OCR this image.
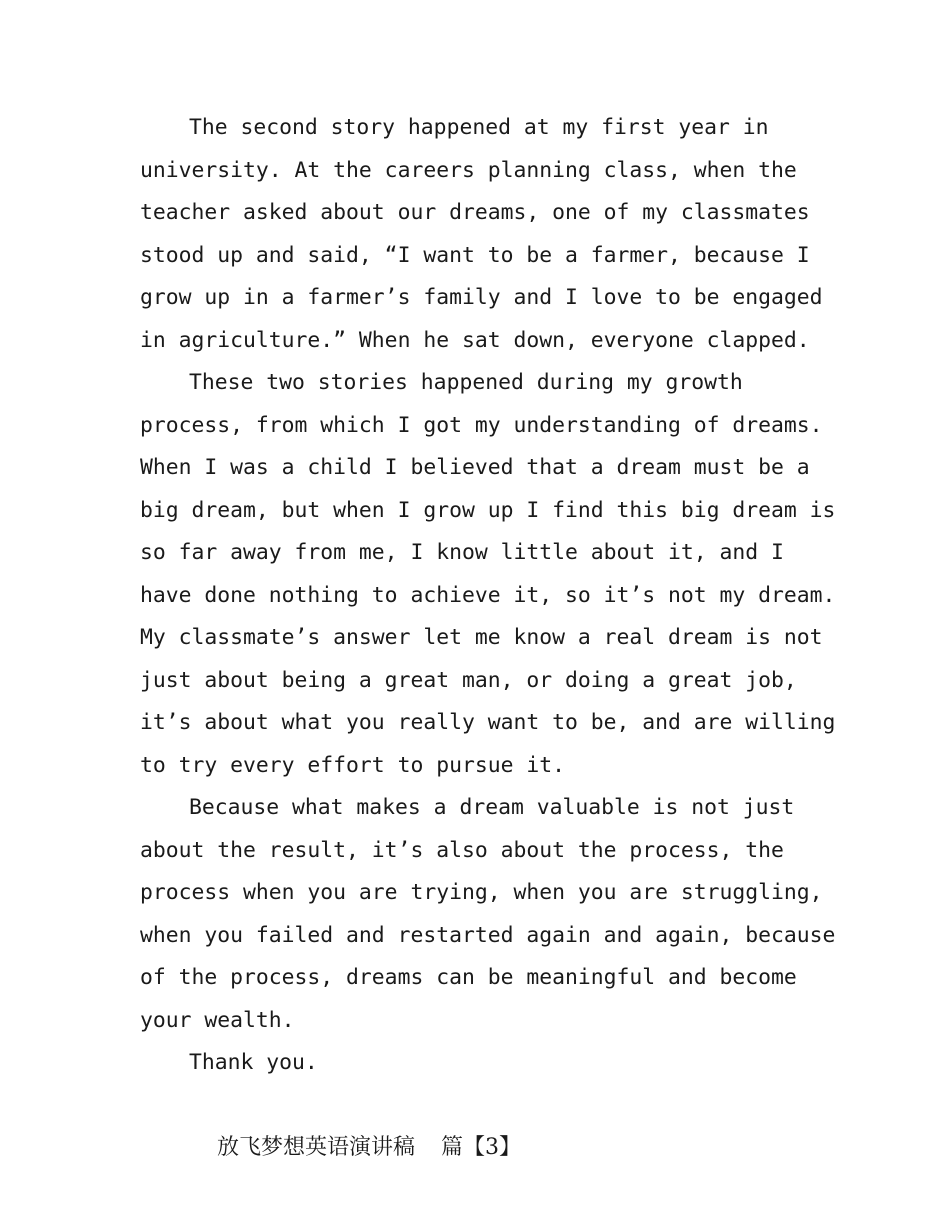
The second story happened at my first year in
university. At the careers planning class, when the
teacher asked about our dreams, one of my classmates
stood up and said, “I want to be a farmer, because I
grow up in a farmer’s family and I love to be engaged
in agriculture.” When he sat down, everyone clapped.
These two stories happened during my growth
process, from which I got my understanding of dreams.
When I was a child I believed that a dream must be a
big dream, but when I grow up I find this big dream is
so far away from me, I know little about it, and I
have done nothing to achieve it, so it’s not my dream.
My classmate’s answer let me know a real dream is not
just about being a great man, or doing a great job,
it’s about what you really want to be, and are willing
to try every effort to pursue it.
Because what makes a dream valuable is not just
about the result, it’s also about the process, the
process when you are trying, when you are struggling,
when you failed and restarted again and again, because
of the process, dreams can be meaningful and become
your wealth.
Thank you.

放飞梦想英语演讲稿 篇【3】
